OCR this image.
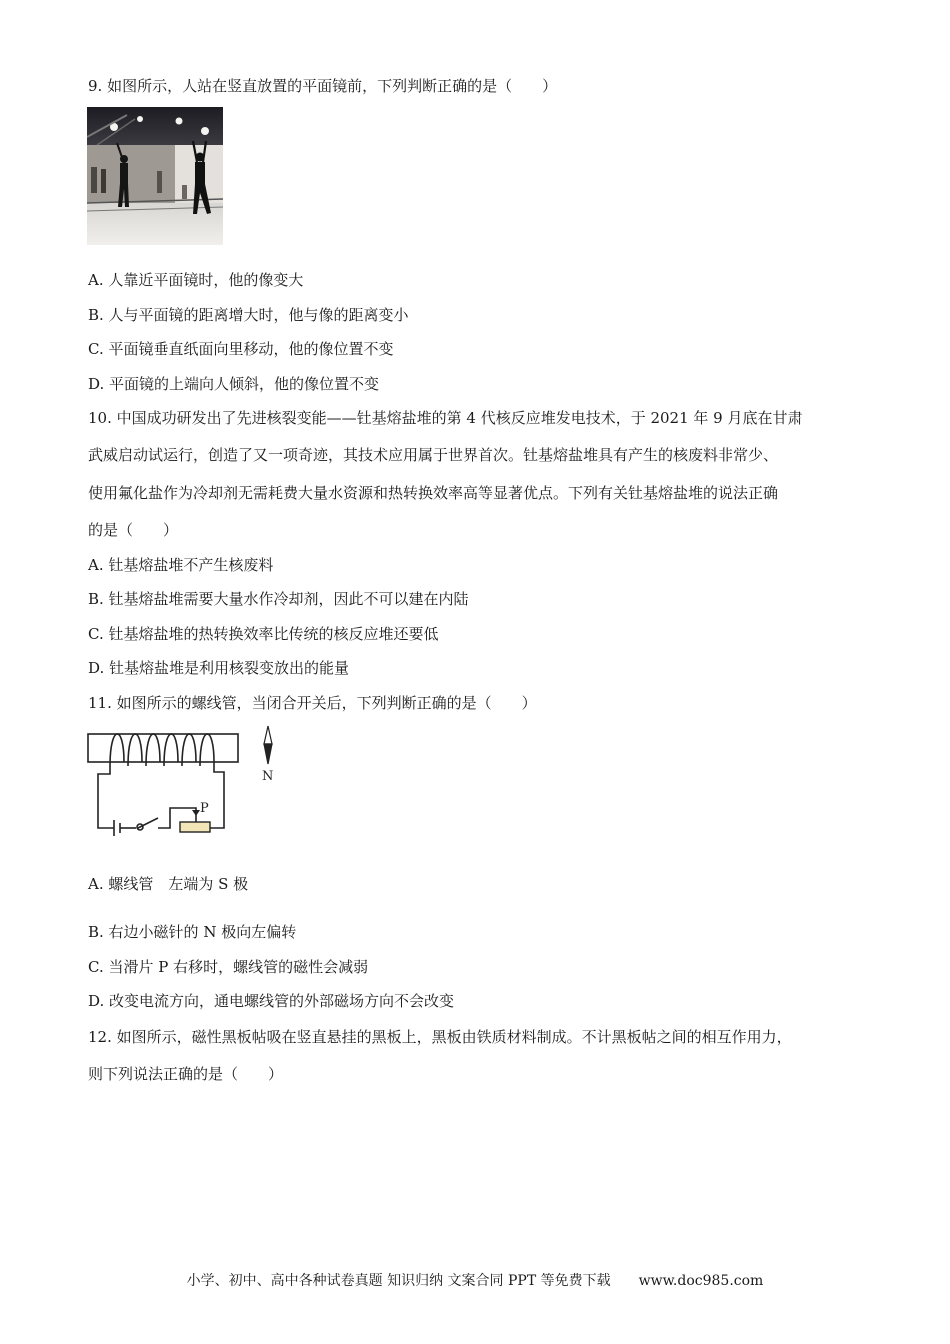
9. 如图所示，人站在竖直放置的平面镜前，下列判断正确的是（　　）
A. 人靠近平面镜时，他的像变大
B. 人与平面镜的距离增大时，他与像的距离变小
C. 平面镜垂直纸面向里移动，他的像位置不变
D. 平面镜的上端向人倾斜，他的像位置不变
10. 中国成功研发出了先进核裂变能——钍基熔盐堆的第 4 代核反应堆发电技术，于 2021 年 9 月底在甘肃
武威启动试运行，创造了又一项奇迹，其技术应用属于世界首次。钍基熔盐堆具有产生的核废料非常少、
使用氟化盐作为冷却剂无需耗费大量水资源和热转换效率高等显著优点。下列有关钍基熔盐堆的说法正确
的是（　　）
A. 钍基熔盐堆不产生核废料
B. 钍基熔盐堆需要大量水作冷却剂，因此不可以建在内陆
C. 钍基熔盐堆的热转换效率比传统的核反应堆还要低
D. 钍基熔盐堆是利用核裂变放出的能量
11. 如图所示的螺线管，当闭合开关后，下列判断正确的是（　　）
P
N
A. 螺线管　左端为 S 极
B. 右边小磁针的 N 极向左偏转
C. 当滑片 P 右移时，螺线管的磁性会减弱
D. 改变电流方向，通电螺线管的外部磁场方向不会改变
12. 如图所示，磁性黑板帖吸在竖直悬挂的黑板上，黑板由铁质材料制成。不计黑板帖之间的相互作用力，
则下列说法正确的是（　　）
小学、初中、高中各种试卷真题 知识归纳 文案合同 PPT 等免费下载　　www.doc985.com
